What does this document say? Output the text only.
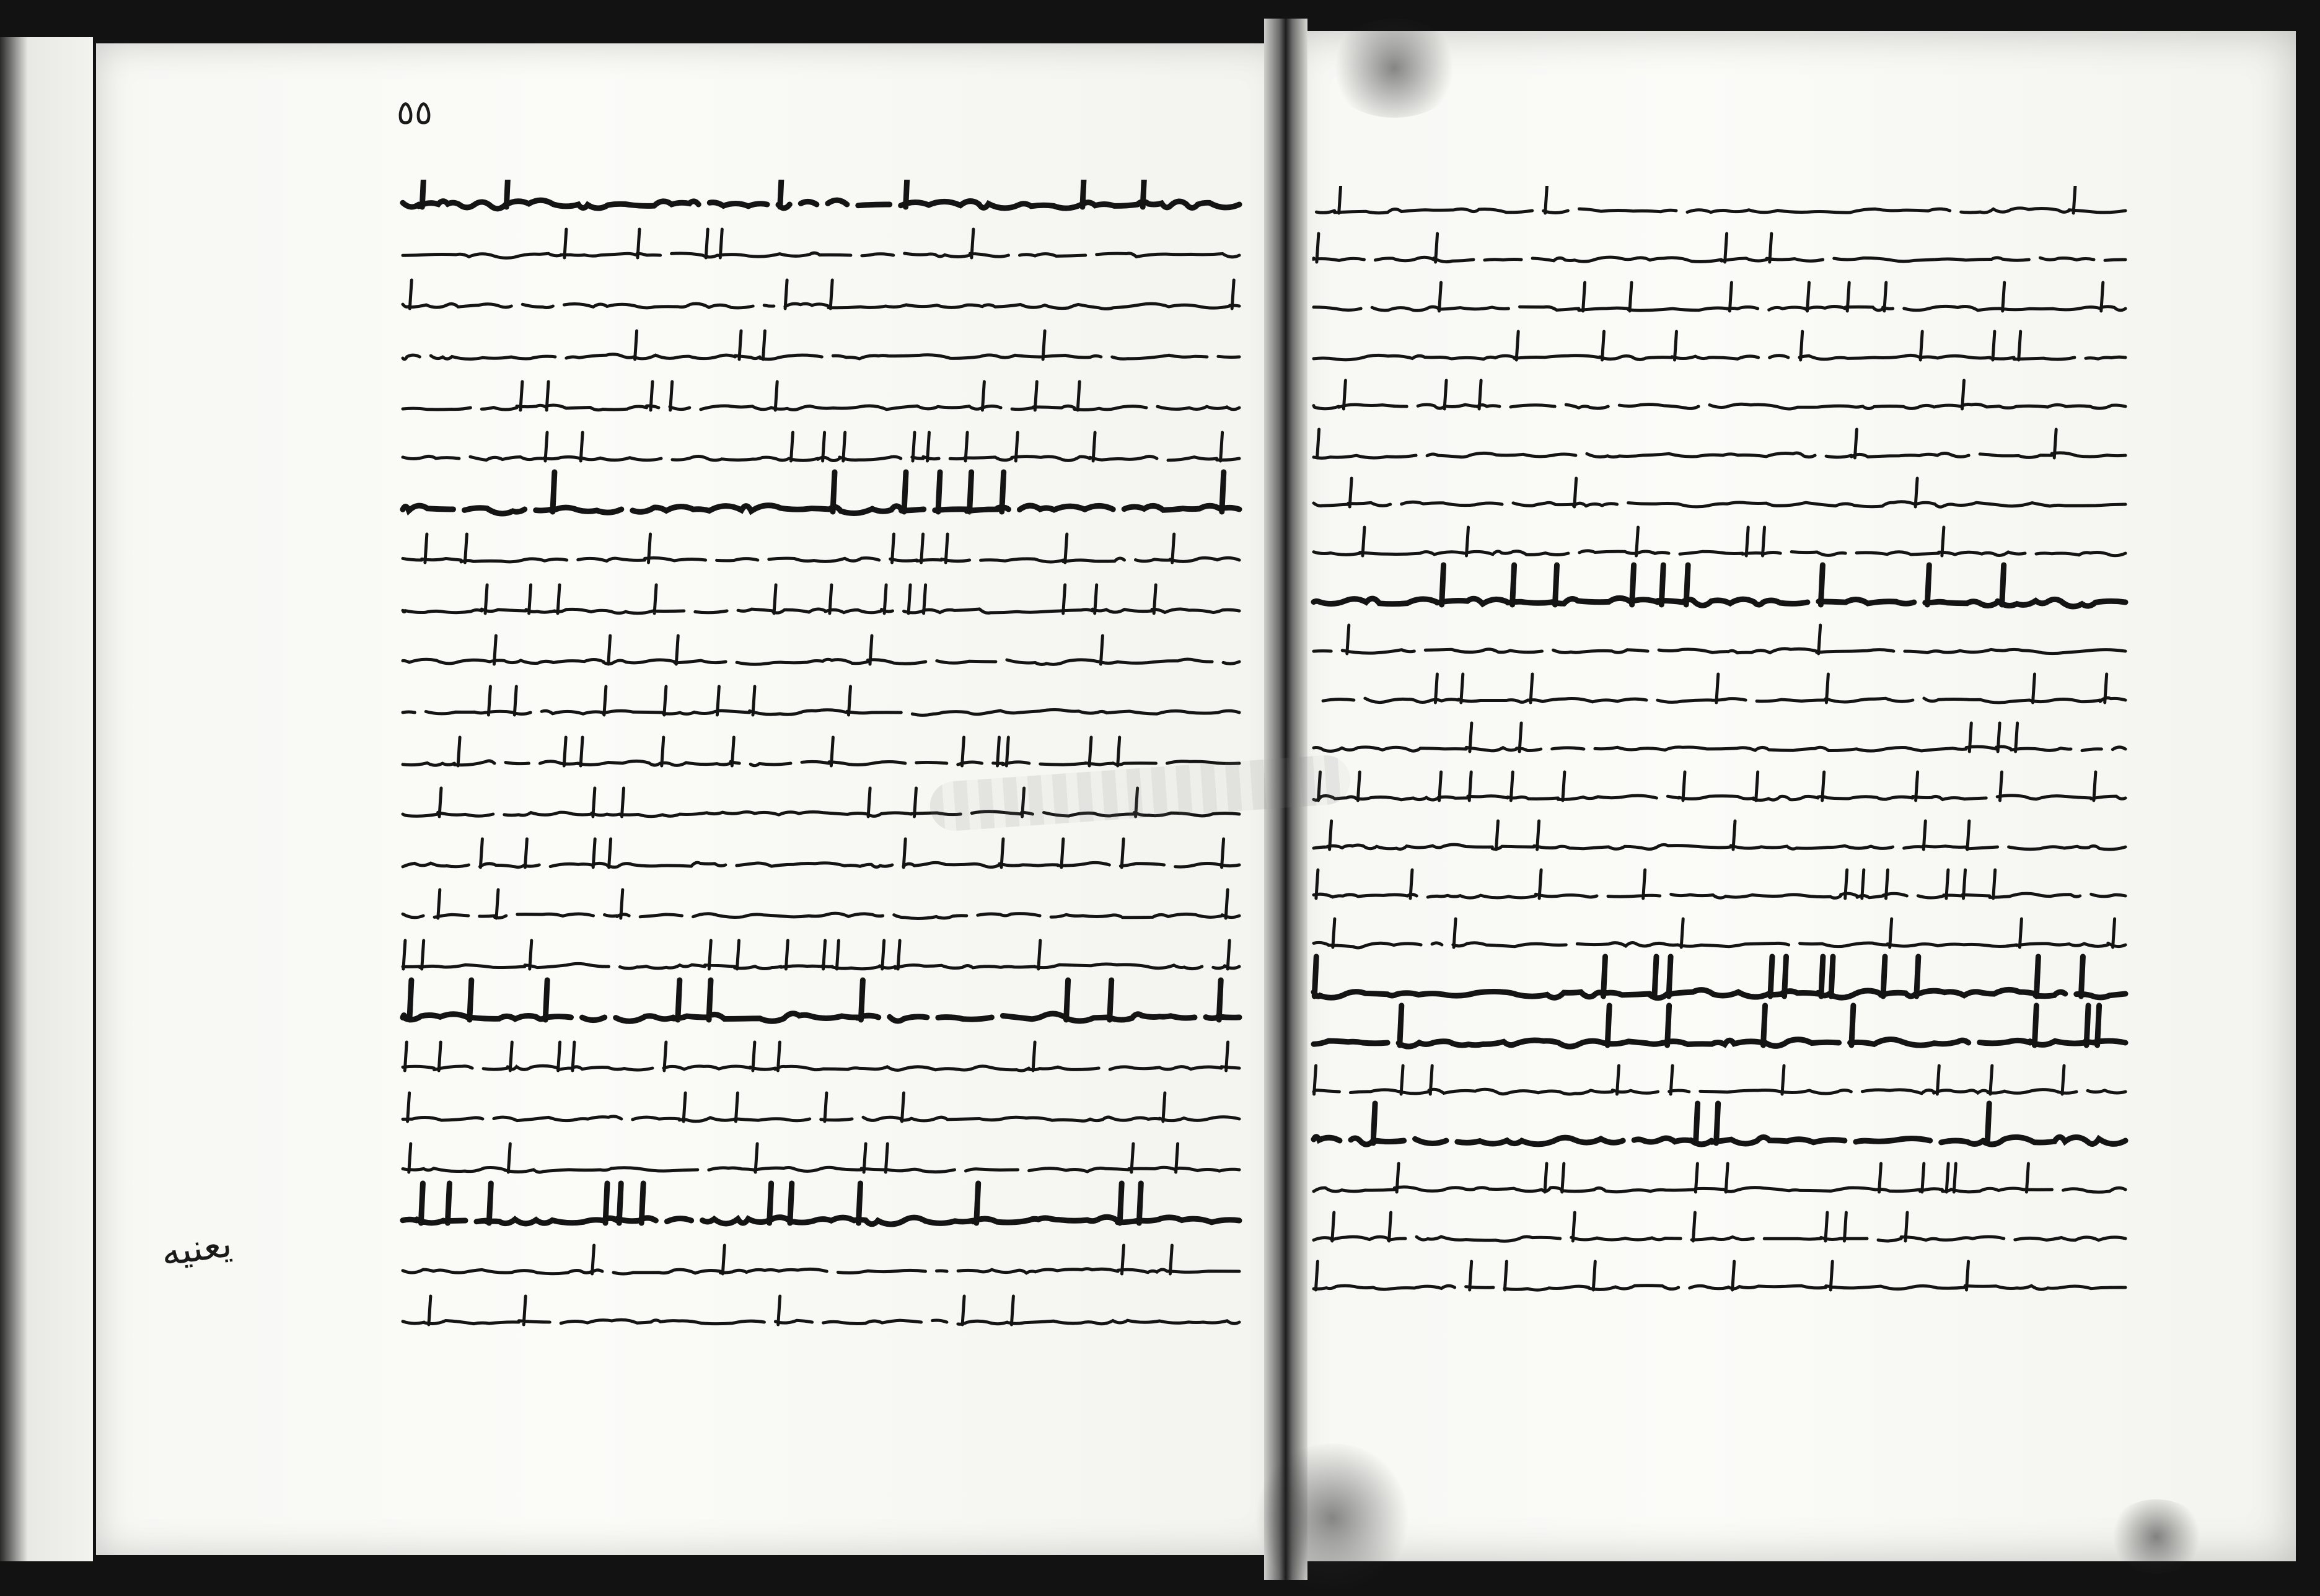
٥٥
يعنيه
